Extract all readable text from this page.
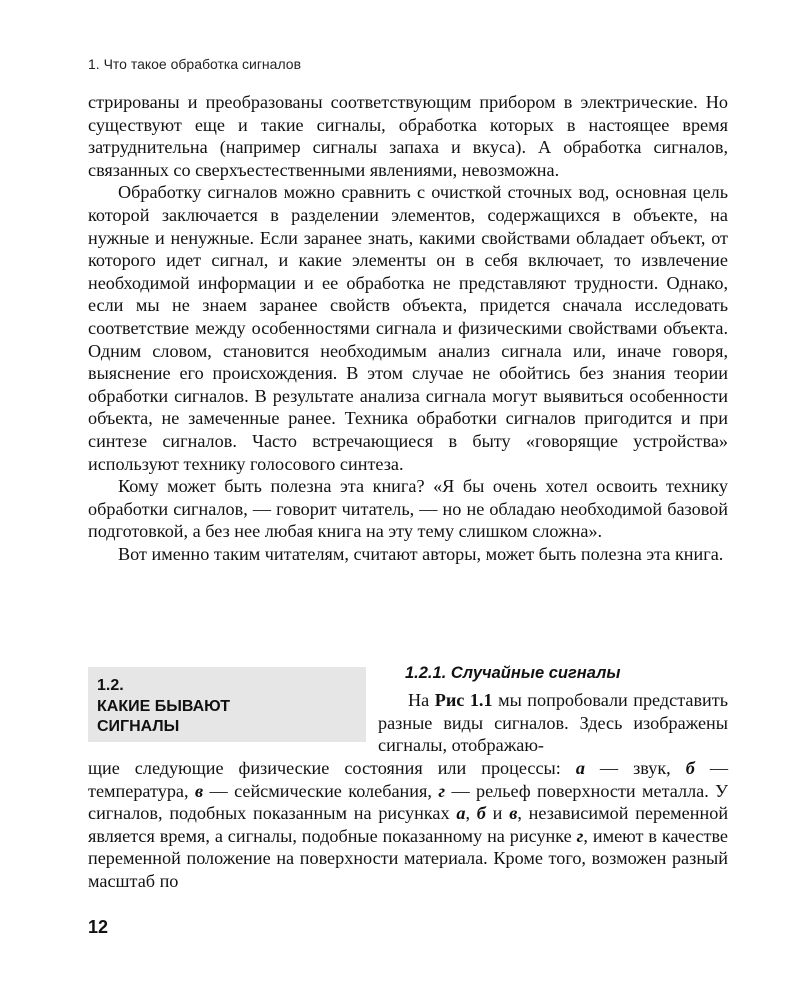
1. Что такое обработка сигналов

стрированы и преобразованы соответствующим прибором в электрические. Но существуют еще и такие сигналы, обработка которых в настоящее время затруднительна (например сигналы запаха и вкуса). А обработка сигналов, связанных со сверхъестественными явлениями, невозможна.

Обработку сигналов можно сравнить с очисткой сточных вод, основная цель которой заключается в разделении элементов, содержащихся в объекте, на нужные и ненужные. Если заранее знать, какими свойствами обладает объект, от которого идет сигнал, и какие элементы он в себя включает, то извлечение необходимой информации и ее обработка не представляют трудности. Однако, если мы не знаем заранее свойств объекта, придется сначала исследовать соответствие между особенностями сигнала и физическими свойствами объекта. Одним словом, становится необходимым анализ сигнала или, иначе говоря, выяснение его происхождения. В этом случае не обойтись без знания теории обработки сигналов. В результате анализа сигнала могут выявиться особенности объекта, не замеченные ранее. Техника обработки сигналов пригодится и при синтезе сигналов. Часто встречающиеся в быту «говорящие устройства» используют технику голосового синтеза.

Кому может быть полезна эта книга? «Я бы очень хотел освоить технику обработки сигналов, — говорит читатель, — но не обладаю необходимой базовой подготовкой, а без нее любая книга на эту тему слишком сложна».

Вот именно таким читателям, считают авторы, может быть полезна эта книга.

1.2.
КАКИЕ БЫВАЮТ
СИГНАЛЫ
1.2.1. Случайные сигналы
На Рис 1.1 мы попробовали представить разные виды сигналов. Здесь изображены сигналы, отображаю-
щие следующие физические состояния или процессы: а — звук, б — температура, в — сейсмические колебания, г — рельеф поверхности металла. У сигналов, подобных показанным на рисунках а, б и в, независимой переменной является время, а сигналы, подобные показанному на рисунке г, имеют в качестве переменной положение на поверхности материала. Кроме того, возможен разный масштаб по
12
